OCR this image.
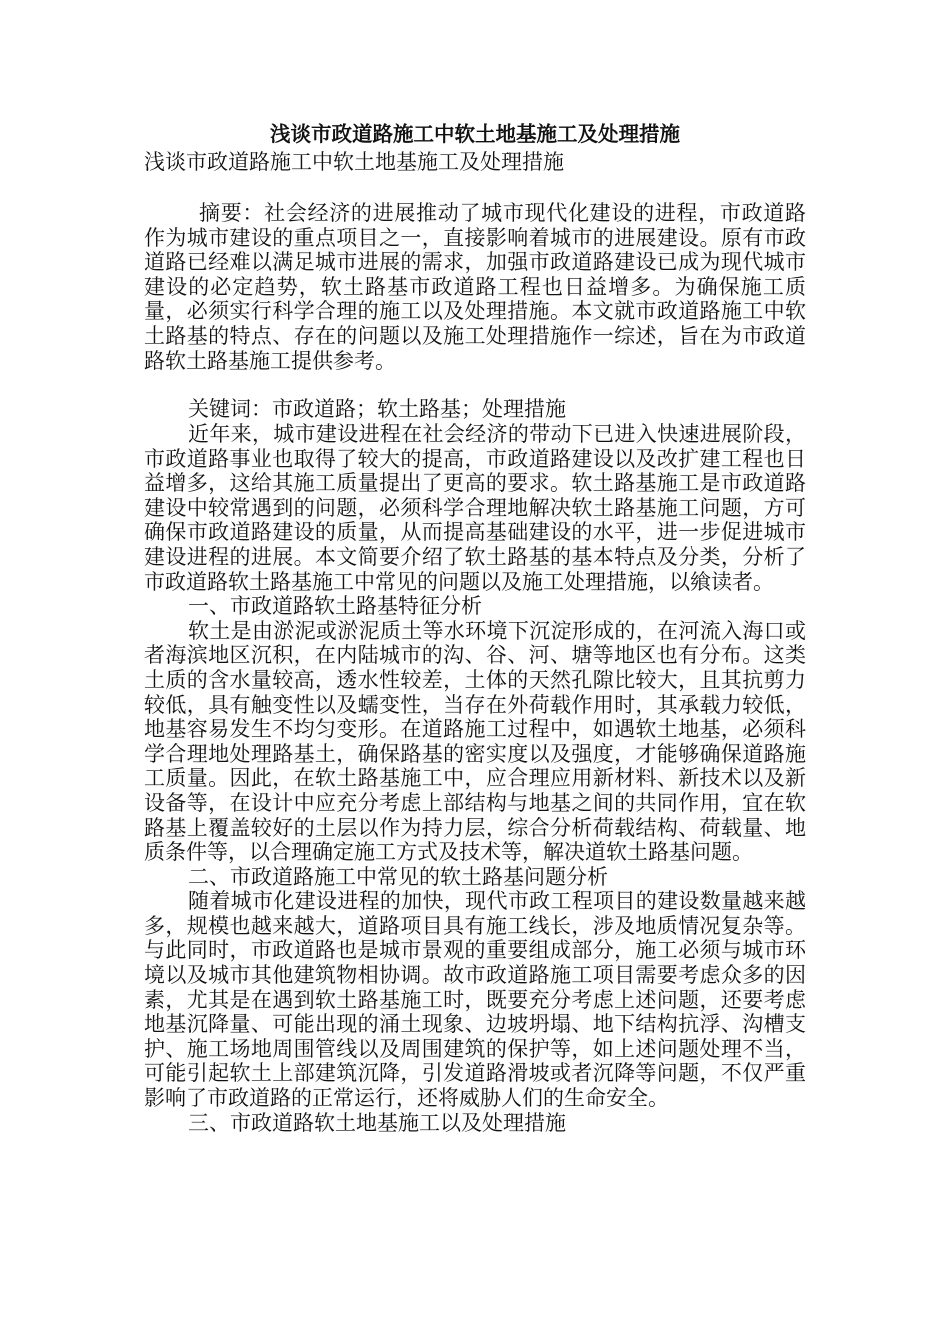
浅谈市政道路施工中软土地基施工及处理措施
浅谈市政道路施工中软土地基施工及处理措施

摘要：社会经济的进展推动了城市现代化建设的进程，市政道路作为城市建设的重点项目之一，直接影响着城市的进展建设。原有市政道路已经难以满足城市进展的需求，加强市政道路建设已成为现代城市建设的必定趋势，软土路基市政道路工程也日益增多。为确保施工质量，必须实行科学合理的施工以及处理措施。本文就市政道路施工中软土路基的特点、存在的问题以及施工处理措施作一综述，旨在为市政道路软土路基施工提供参考。

关键词：市政道路；软土路基；处理措施

近年来，城市建设进程在社会经济的带动下已进入快速进展阶段，市政道路事业也取得了较大的提高，市政道路建设以及改扩建工程也日益增多，这给其施工质量提出了更高的要求。软土路基施工是市政道路建设中较常遇到的问题，必须科学合理地解决软土路基施工问题，方可确保市政道路建设的质量，从而提高基础建设的水平，进一步促进城市建设进程的进展。本文简要介绍了软土路基的基本特点及分类，分析了市政道路软土路基施工中常见的问题以及施工处理措施，以飨读者。

一、市政道路软土路基特征分析

软土是由淤泥或淤泥质土等水环境下沉淀形成的，在河流入海口或者海滨地区沉积，在内陆城市的沟、谷、河、塘等地区也有分布。这类土质的含水量较高，透水性较差，土体的天然孔隙比较大，且其抗剪力较低，具有触变性以及蠕变性，当存在外荷载作用时，其承载力较低，地基容易发生不均匀变形。在道路施工过程中，如遇软土地基，必须科学合理地处理路基土，确保路基的密实度以及强度，才能够确保道路施工质量。因此，在软土路基施工中，应合理应用新材料、新技术以及新设备等，在设计中应充分考虑上部结构与地基之间的共同作用，宜在软路基上覆盖较好的土层以作为持力层，综合分析荷载结构、荷载量、地质条件等，以合理确定施工方式及技术等，解决道软土路基问题。

二、市政道路施工中常见的软土路基问题分析

随着城市化建设进程的加快，现代市政工程项目的建设数量越来越多，规模也越来越大，道路项目具有施工线长，涉及地质情况复杂等。与此同时，市政道路也是城市景观的重要组成部分，施工必须与城市环境以及城市其他建筑物相协调。故市政道路施工项目需要考虑众多的因素，尤其是在遇到软土路基施工时，既要充分考虑上述问题，还要考虑地基沉降量、可能出现的涌土现象、边坡坍塌、地下结构抗浮、沟槽支护、施工场地周围管线以及周围建筑的保护等，如上述问题处理不当，可能引起软土上部建筑沉降，引发道路滑坡或者沉降等问题，不仅严重影响了市政道路的正常运行，还将威胁人们的生命安全。

三、市政道路软土地基施工以及处理措施
